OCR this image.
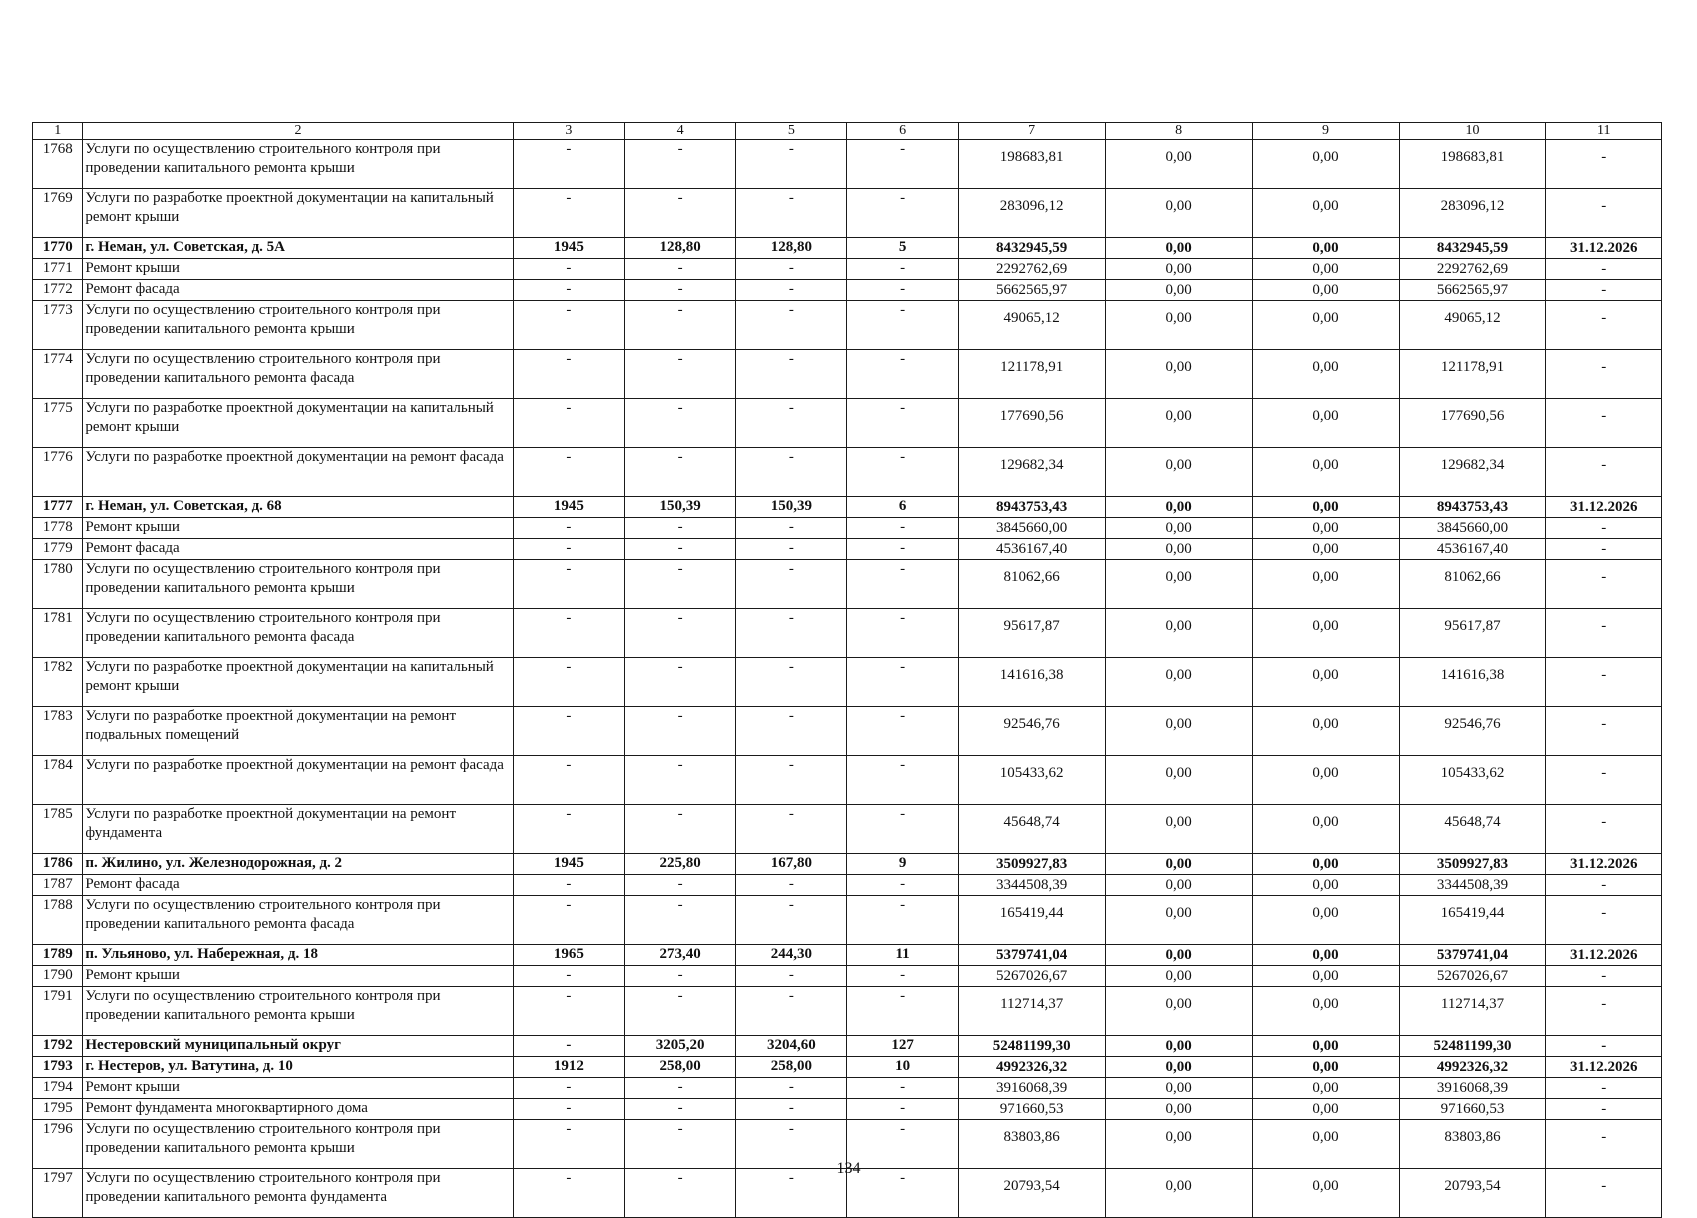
1	2	3	4	5	6	7	8	9	10	11
1768	Услуги по осуществлению строительного контроля при проведении капитального ремонта крыши	-	-	-	-	198683,81	0,00	0,00	198683,81	-
1769	Услуги по разработке проектной документации на капитальный ремонт крыши	-	-	-	-	283096,12	0,00	0,00	283096,12	-
1770	г. Неман, ул. Советская, д. 5А	1945	128,80	128,80	5	8432945,59	0,00	0,00	8432945,59	31.12.2026
1771	Ремонт крыши	-	-	-	-	2292762,69	0,00	0,00	2292762,69	-
1772	Ремонт фасада	-	-	-	-	5662565,97	0,00	0,00	5662565,97	-
1773	Услуги по осуществлению строительного контроля при проведении капитального ремонта крыши	-	-	-	-	49065,12	0,00	0,00	49065,12	-
1774	Услуги по осуществлению строительного контроля при проведении капитального ремонта фасада	-	-	-	-	121178,91	0,00	0,00	121178,91	-
1775	Услуги по разработке проектной документации на капитальный ремонт крыши	-	-	-	-	177690,56	0,00	0,00	177690,56	-
1776	Услуги по разработке проектной документации на ремонт фасада	-	-	-	-	129682,34	0,00	0,00	129682,34	-
1777	г. Неман, ул. Советская, д. 68	1945	150,39	150,39	6	8943753,43	0,00	0,00	8943753,43	31.12.2026
1778	Ремонт крыши	-	-	-	-	3845660,00	0,00	0,00	3845660,00	-
1779	Ремонт фасада	-	-	-	-	4536167,40	0,00	0,00	4536167,40	-
1780	Услуги по осуществлению строительного контроля при проведении капитального ремонта крыши	-	-	-	-	81062,66	0,00	0,00	81062,66	-
1781	Услуги по осуществлению строительного контроля при проведении капитального ремонта фасада	-	-	-	-	95617,87	0,00	0,00	95617,87	-
1782	Услуги по разработке проектной документации на капитальный ремонт крыши	-	-	-	-	141616,38	0,00	0,00	141616,38	-
1783	Услуги по разработке проектной документации на ремонт подвальных помещений	-	-	-	-	92546,76	0,00	0,00	92546,76	-
1784	Услуги по разработке проектной документации на ремонт фасада	-	-	-	-	105433,62	0,00	0,00	105433,62	-
1785	Услуги по разработке проектной документации на ремонт фундамента	-	-	-	-	45648,74	0,00	0,00	45648,74	-
1786	п. Жилино, ул. Железнодорожная, д. 2	1945	225,80	167,80	9	3509927,83	0,00	0,00	3509927,83	31.12.2026
1787	Ремонт фасада	-	-	-	-	3344508,39	0,00	0,00	3344508,39	-
1788	Услуги по осуществлению строительного контроля при проведении капитального ремонта фасада	-	-	-	-	165419,44	0,00	0,00	165419,44	-
1789	п. Ульяново, ул. Набережная, д. 18	1965	273,40	244,30	11	5379741,04	0,00	0,00	5379741,04	31.12.2026
1790	Ремонт крыши	-	-	-	-	5267026,67	0,00	0,00	5267026,67	-
1791	Услуги по осуществлению строительного контроля при проведении капитального ремонта крыши	-	-	-	-	112714,37	0,00	0,00	112714,37	-
1792	Нестеровский муниципальный округ	-	3205,20	3204,60	127	52481199,30	0,00	0,00	52481199,30	-
1793	г. Нестеров, ул. Ватутина, д. 10	1912	258,00	258,00	10	4992326,32	0,00	0,00	4992326,32	31.12.2026
1794	Ремонт крыши	-	-	-	-	3916068,39	0,00	0,00	3916068,39	-
1795	Ремонт фундамента многоквартирного дома	-	-	-	-	971660,53	0,00	0,00	971660,53	-
1796	Услуги по осуществлению строительного контроля при проведении капитального ремонта крыши	-	-	-	-	83803,86	0,00	0,00	83803,86	-
1797	Услуги по осуществлению строительного контроля при проведении капитального ремонта фундамента	-	-	-	-	20793,54	0,00	0,00	20793,54	-
134
